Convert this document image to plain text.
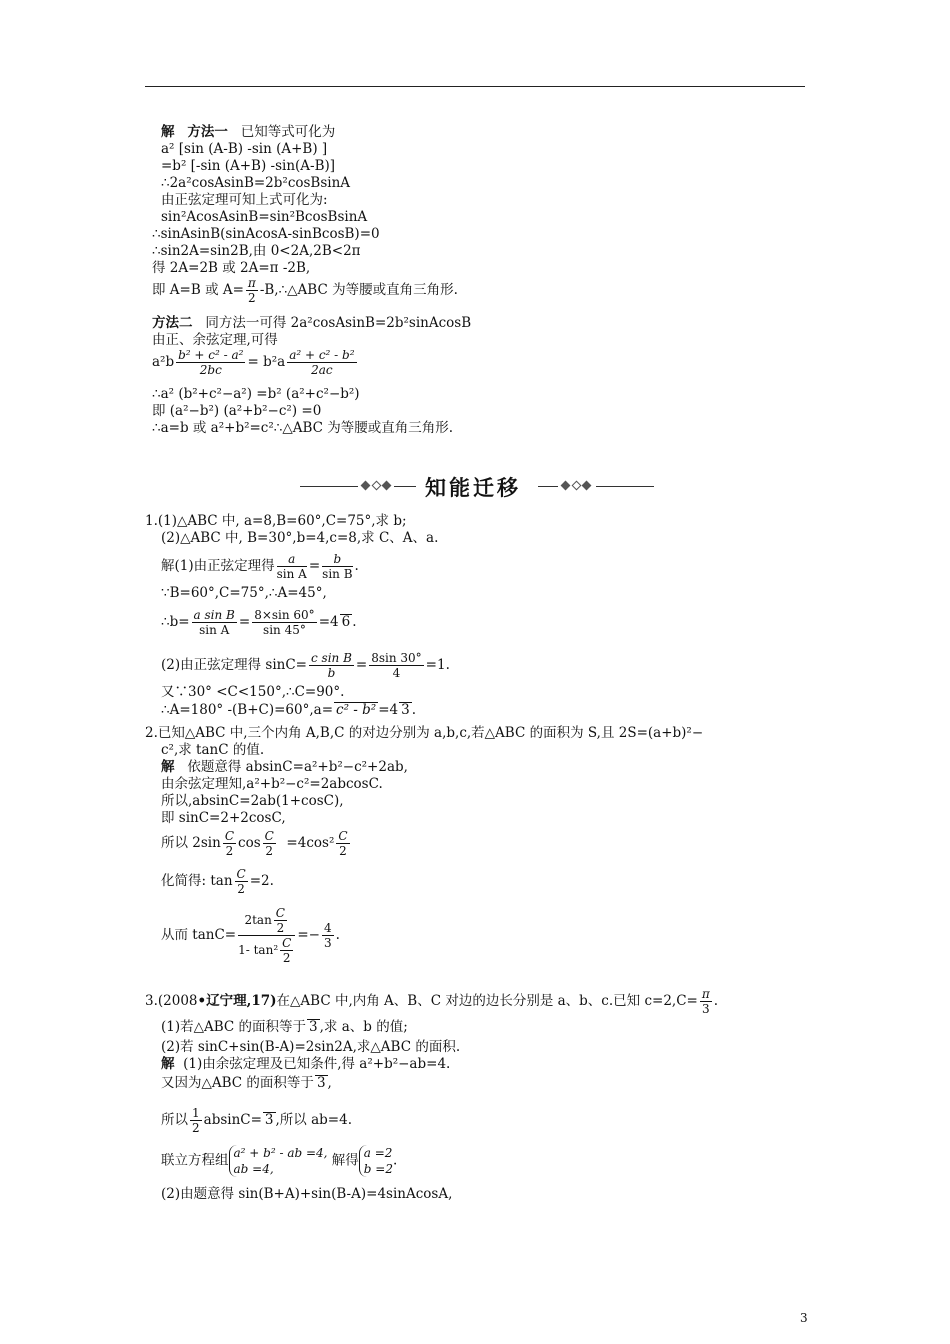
解 方法一 已知等式可化为
a² [sin (A-B) -sin (A+B) ]
=b² [-sin (A+B) -sin(A-B)]
∴2a²cosAsinB=2b²cosBsinA
由正弦定理可知上式可化为:
sin²AcosAsinB=sin²BcosBsinA
∴sinAsinB(sinAcosA-sinBcosB)=0
∴sin2A=sin2B,由 0<2A,2B<2π
得 2A=2B 或 2A=π -2B,
即 A=B 或 $A= \frac{\pi}{2}$ -B,∴△ABC 为等腰或直角三角形.
方法二 同方法一可得 2a²cosAsinB=2b²sinAcosB
由正、余弦定理,可得
$a^2b \frac{\text{b² + c² - a²}}{2bc} = b^2a \frac{\text{a² + c² - b²}}{2ac}$
∴a² (b²+c²−a²) =b² (a²+c²−b²)
即 (a²−b²) (a²+b²−c²) =0
∴a=b 或 a²+b²=c²∴△ABC 为等腰或直角三角形.
知能迁移
1.(1)△ABC 中, a=8,B=60°,C=75°,求 b;
(2)△ABC 中, B=30°,b=4,c=8,求 C、A、a.
解(1)由正弦定理得 $\frac{a}{\text{sin A}} = \frac{b}{\text{sin B}}$ .
∵B=60°,C=75°,∴A=45°,
∴b= $\frac{\text{a sin B}}{\text{sin A}} = \frac{8\times\sin 60^\circ}{\sin 45^\circ} =4$ 6 .
(2)由正弦定理得 $\sin C= \frac{\text{c sin B}}{b} = \frac{8\sin 30^\circ}{4} =1$.
又∵30° <C<150°,∴C=90°.
∴A=180° -(B+C)=60°,a= c² - b² =4 3 .
2.已知△ABC 中,三个内角 A,B,C 的对边分别为 a,b,c,若△ABC 的面积为 S,且 2S=(a+b)²−
c²,求 tanC 的值.
解 依题意得 absinC=a²+b²−c²+2ab,
由余弦定理知,a²+b²−c²=2abcosC.
所以,absinC=2ab(1+cosC),
即 sinC=2+2cosC,
所以 $2\sin \frac{C}{2}$ $\cos \frac{C}{2} =4\cos^2 \frac{C}{2}$
化简得: $\tan \frac{C}{2} =2$.
从而 $\tan C= \frac{2\tan \frac{C}{2}}{1- \tan^2 \frac{C}{2}} =- \frac{4}{3}$ .
3.(2008•辽宁理,17)在△ABC 中,内角 A、B、C 对边的边长分别是 a、b、c.已知 $c=2,C= \frac{\pi}{3}$ .
(1)若△ABC 的面积等于 3 ,求 a、b 的值;
(2)若 sinC+sin(B-A)=2sin2A,求△ABC 的面积.
解 (1)由余弦定理及已知条件,得 a²+b²−ab=4.
又因为△ABC 的面积等于 3 ,
所以 $\frac{1}{2} absinC= 3$ ,所以 ab=4.
联立方程组 a² + b² - ab =4,
ab =4, 解得 a =2
b =2.
(2)由题意得 sin(B+A)+sin(B-A)=4sinAcosA,
3
